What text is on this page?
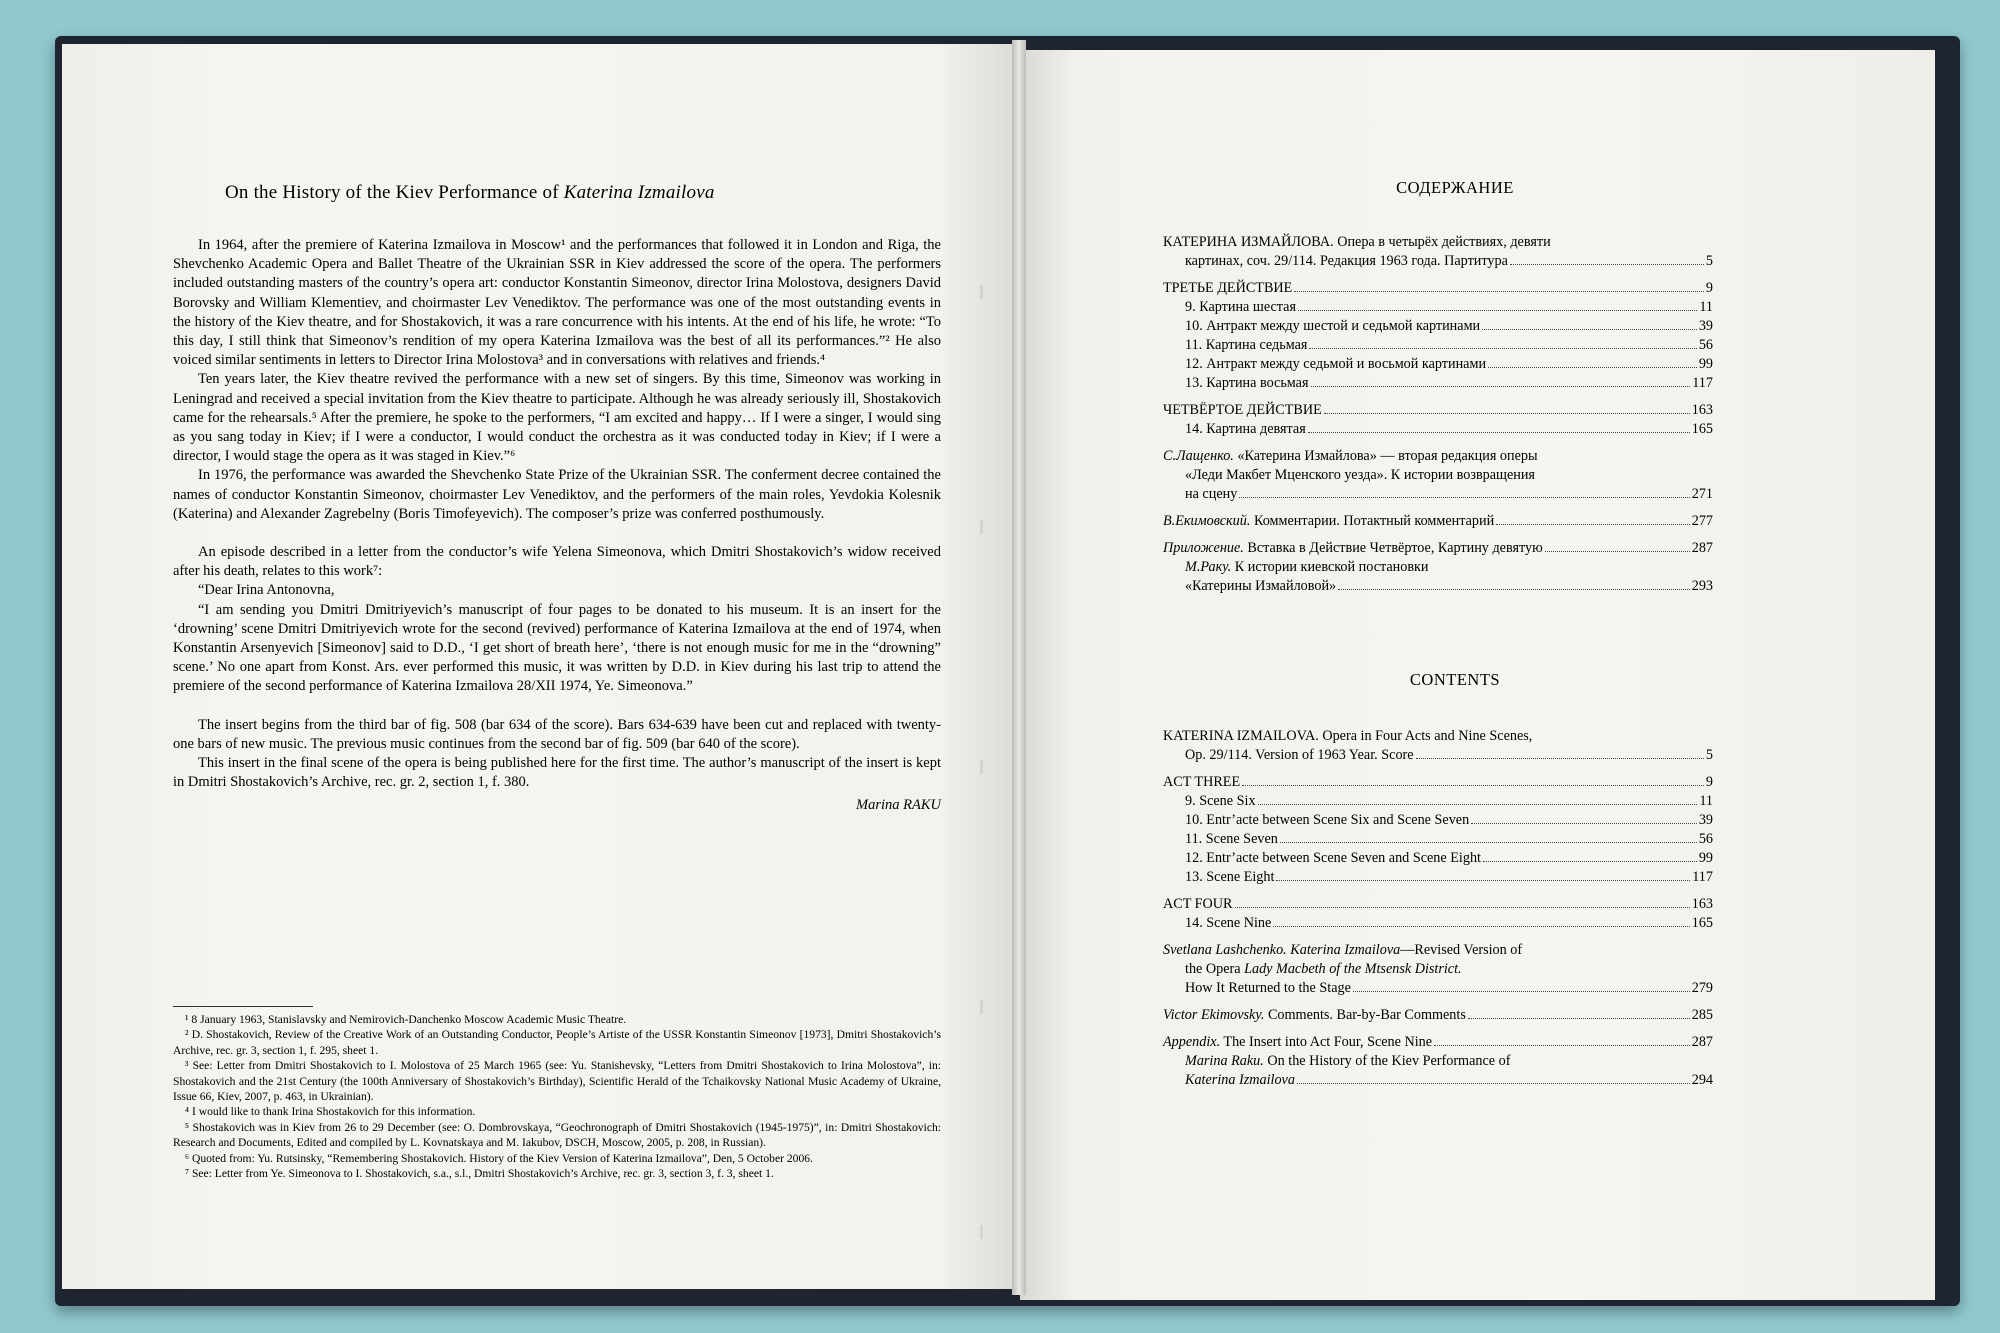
On the History of the Kiev Performance of Katerina Izmailova

In 1964, after the premiere of Katerina Izmailova in Moscow¹ and the performances that followed it in London and Riga, the Shevchenko Academic Opera and Ballet Theatre of the Ukrainian SSR in Kiev addressed the score of the opera. The performers included outstanding masters of the country’s opera art: conductor Konstantin Simeonov, director Irina Molostova, designers David Borovsky and William Klementiev, and choirmaster Lev Venediktov. The performance was one of the most outstanding events in the history of the Kiev theatre, and for Shostakovich, it was a rare concurrence with his intents. At the end of his life, he wrote: “To this day, I still think that Simeonov’s rendition of my opera Katerina Izmailova was the best of all its performances.”² He also voiced similar sentiments in letters to Director Irina Molostova³ and in conversations with relatives and friends.⁴

Ten years later, the Kiev theatre revived the performance with a new set of singers. By this time, Simeonov was working in Leningrad and received a special invitation from the Kiev theatre to participate. Although he was already seriously ill, Shostakovich came for the rehearsals.⁵ After the premiere, he spoke to the performers, “I am excited and happy… If I were a singer, I would sing as you sang today in Kiev; if I were a conductor, I would conduct the orchestra as it was conducted today in Kiev; if I were a director, I would stage the opera as it was staged in Kiev.”⁶

In 1976, the performance was awarded the Shevchenko State Prize of the Ukrainian SSR. The conferment decree contained the names of conductor Konstantin Simeonov, choirmaster Lev Venediktov, and the performers of the main roles, Yevdokia Kolesnik (Katerina) and Alexander Zagrebelny (Boris Timofeyevich). The composer’s prize was conferred posthumously.

An episode described in a letter from the conductor’s wife Yelena Simeonova, which Dmitri Shostakovich’s widow received after his death, relates to this work⁷:

“Dear Irina Antonovna,

“I am sending you Dmitri Dmitriyevich’s manuscript of four pages to be donated to his museum. It is an insert for the ‘drowning’ scene Dmitri Dmitriyevich wrote for the second (revived) performance of Katerina Izmailova at the end of 1974, when Konstantin Arsenyevich [Simeonov] said to D.D., ‘I get short of breath here’, ‘there is not enough music for me in the “drowning” scene.’ No one apart from Konst. Ars. ever performed this music, it was written by D.D. in Kiev during his last trip to attend the premiere of the second performance of Katerina Izmailova 28/XII 1974, Ye. Simeonova.”

The insert begins from the third bar of fig. 508 (bar 634 of the score). Bars 634-639 have been cut and replaced with twenty-one bars of new music. The previous music continues from the second bar of fig. 509 (bar 640 of the score).

This insert in the final scene of the opera is being published here for the first time. The author’s manuscript of the insert is kept in Dmitri Shostakovich’s Archive, rec. gr. 2, section 1, f. 380.

Marina RAKU

¹ 8 January 1963, Stanislavsky and Nemirovich-Danchenko Moscow Academic Music Theatre.

² D. Shostakovich, Review of the Creative Work of an Outstanding Conductor, People’s Artiste of the USSR Konstantin Simeonov [1973], Dmitri Shostakovich’s Archive, rec. gr. 3, section 1, f. 295, sheet 1.

³ See: Letter from Dmitri Shostakovich to I. Molostova of 25 March 1965 (see: Yu. Stanishevsky, “Letters from Dmitri Shostakovich to Irina Molostova”, in: Shostakovich and the 21st Century (the 100th Anniversary of Shostakovich’s Birthday), Scientific Herald of the Tchaikovsky National Music Academy of Ukraine, Issue 66, Kiev, 2007, p. 463, in Ukrainian).

⁴ I would like to thank Irina Shostakovich for this information.

⁵ Shostakovich was in Kiev from 26 to 29 December (see: O. Dombrovskaya, “Geochronograph of Dmitri Shostakovich (1945-1975)”, in: Dmitri Shostakovich: Research and Documents, Edited and compiled by L. Kovnatskaya and M. Iakubov, DSCH, Moscow, 2005, p. 208, in Russian).

⁶ Quoted from: Yu. Rutsinsky, “Remembering Shostakovich. History of the Kiev Version of Katerina Izmailova”, Den, 5 October 2006.

⁷ See: Letter from Ye. Simeonova to I. Shostakovich, s.a., s.l., Dmitri Shostakovich’s Archive, rec. gr. 3, section 3, f. 3, sheet 1.

СОДЕРЖАНИЕ
КАТЕРИНА ИЗМАЙЛОВА. Опера в четырёх действиях, девяти
картинах, соч. 29/114. Редакция 1963 года. Партитура	5
ТРЕТЬЕ ДЕЙСТВИЕ	9
9. Картина шестая	11
10. Антракт между шестой и седьмой картинами	39
11. Картина седьмая	56
12. Антракт между седьмой и восьмой картинами	99
13. Картина восьмая	117
ЧЕТВЁРТОЕ ДЕЙСТВИЕ	163
14. Картина девятая	165
С.Лащенко. «Катерина Измайлова» — вторая редакция оперы
«Леди Макбет Мценского уезда». К истории возвращения
на сцену	271
В.Екимовский. Комментарии. Потактный комментарий	277
Приложение. Вставка в Действие Четвёртое, Картину девятую	287
М.Раку. К истории киевской постановки
«Катерины Измайловой»	293
CONTENTS
KATERINA IZMAILOVA. Opera in Four Acts and Nine Scenes,
Op. 29/114. Version of 1963 Year. Score	5
ACT THREE	9
9. Scene Six	11
10. Entr’acte between Scene Six and Scene Seven	39
11. Scene Seven	56
12. Entr’acte between Scene Seven and Scene Eight	99
13. Scene Eight	117
ACT FOUR	163
14. Scene Nine	165
Svetlana Lashchenko. Katerina Izmailova—Revised Version of
the Opera Lady Macbeth of the Mtsensk District.
How It Returned to the Stage	279
Victor Ekimovsky. Comments. Bar-by-Bar Comments	285
Appendix. The Insert into Act Four, Scene Nine	287
Marina Raku. On the History of the Kiev Performance of
Katerina Izmailova	294
